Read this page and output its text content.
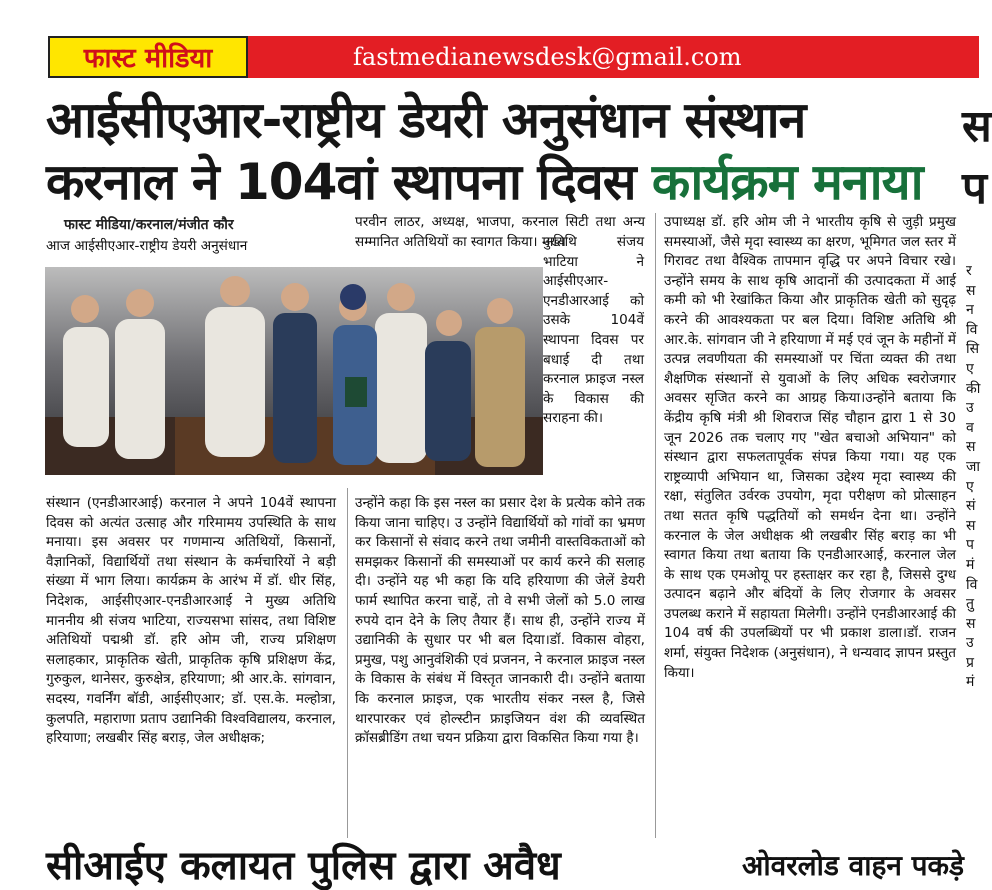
फास्ट मीडिया	fastmedianewsdesk@gmail.com
आईसीएआर-राष्ट्रीय डेयरी अनुसंधान संस्थान
करनाल ने 104वां स्थापना दिवस कार्यक्रम मनाया
स
प
फास्ट मीडिया/करनाल/मंजीत कौर
आज आईसीएआर-राष्ट्रीय डेयरी अनुसंधान
परवीन लाठर, अध्यक्ष, भाजपा, करनाल सिटी तथा अन्य सम्मानित अतिथियों का स्वागत किया। मुख्य
अतिथि संजय भाटिया ने आईसीएआर-एनडीआरआई को उसके 104वें स्थापना दिवस पर बधाई दी तथा करनाल फ्राइज नस्ल के विकास की सराहना की।
संस्थान (एनडीआरआई) करनाल ने अपने 104वें स्थापना दिवस को अत्यंत उत्साह और गरिमामय उपस्थिति के साथ मनाया। इस अवसर पर गणमान्य अतिथियों, किसानों, वैज्ञानिकों, विद्यार्थियों तथा संस्थान के कर्मचारियों ने बड़ी संख्या में भाग लिया। कार्यक्रम के आरंभ में डॉ. धीर सिंह, निदेशक, आईसीएआर-एनडीआरआई ने मुख्य अतिथि माननीय श्री संजय भाटिया, राज्यसभा सांसद, तथा विशिष्ट अतिथियों पद्मश्री डॉ. हरि ओम जी, राज्य प्रशिक्षण सलाहकार, प्राकृतिक खेती, प्राकृतिक कृषि प्रशिक्षण केंद्र, गुरुकुल, थानेसर, कुरुक्षेत्र, हरियाणा; श्री आर.के. सांगवान, सदस्य, गवर्निंग बॉडी, आईसीएआर; डॉ. एस.के. मल्होत्रा, कुलपति, महाराणा प्रताप उद्यानिकी विश्वविद्यालय, करनाल, हरियाणा; लखबीर सिंह बराड़, जेल अधीक्षक;
उन्होंने कहा कि इस नस्ल का प्रसार देश के प्रत्येक कोने तक किया जाना चाहिए। उ उन्होंने विद्यार्थियों को गांवों का भ्रमण कर किसानों से संवाद करने तथा जमीनी वास्तविकताओं को समझकर किसानों की समस्याओं पर कार्य करने की सलाह दी। उन्होंने यह भी कहा कि यदि हरियाणा की जेलें डेयरी फार्म स्थापित करना चाहें, तो वे सभी जेलों को 5.0 लाख रुपये दान देने के लिए तैयार हैं। साथ ही, उन्होंने राज्य में उद्यानिकी के सुधार पर भी बल दिया।डॉ. विकास वोहरा, प्रमुख, पशु आनुवंशिकी एवं प्रजनन, ने करनाल फ्राइज नस्ल के विकास के संबंध में विस्तृत जानकारी दी। उन्होंने बताया कि करनाल फ्राइज, एक भारतीय संकर नस्ल है, जिसे थारपारकर एवं होल्स्टीन फ्राइजियन वंश की व्यवस्थित क्रॉसब्रीडिंग तथा चयन प्रक्रिया द्वारा विकसित किया गया है।
उपाध्यक्ष डॉ. हरि ओम जी ने भारतीय कृषि से जुड़ी प्रमुख समस्याओं, जैसे मृदा स्वास्थ्य का क्षरण, भूमिगत जल स्तर में गिरावट तथा वैश्विक तापमान वृद्धि पर अपने विचार रखे। उन्होंने समय के साथ कृषि आदानों की उत्पादकता में आई कमी को भी रेखांकित किया और प्राकृतिक खेती को सुदृढ़ करने की आवश्यकता पर बल दिया। विशिष्ट अतिथि श्री आर.के. सांगवान जी ने हरियाणा में मई एवं जून के महीनों में उत्पन्न लवणीयता की समस्याओं पर चिंता व्यक्त की तथा शैक्षणिक संस्थानों से युवाओं के लिए अधिक स्वरोजगार अवसर सृजित करने का आग्रह किया।उन्होंने बताया कि केंद्रीय कृषि मंत्री श्री शिवराज सिंह चौहान द्वारा 1 से 30 जून 2026 तक चलाए गए "खेत बचाओ अभियान" को संस्थान द्वारा सफलतापूर्वक संपन्न किया गया। यह एक राष्ट्रव्यापी अभियान था, जिसका उद्देश्य मृदा स्वास्थ्य की रक्षा, संतुलित उर्वरक उपयोग, मृदा परीक्षण को प्रोत्साहन तथा सतत कृषि पद्धतियों को समर्थन देना था। उन्होंने करनाल के जेल अधीक्षक श्री लखबीर सिंह बराड़ का भी स्वागत किया तथा बताया कि एनडीआरआई, करनाल जेल के साथ एक एमओयू पर हस्ताक्षर कर रहा है, जिससे दुग्ध उत्पादन बढ़ाने और बंदियों के लिए रोजगार के अवसर उपलब्ध कराने में सहायता मिलेगी। उन्होंने एनडीआरआई की 104 वर्ष की उपलब्धियों पर भी प्रकाश डाला।डॉ. राजन शर्मा, संयुक्त निदेशक (अनुसंधान), ने धन्यवाद ज्ञापन प्रस्तुत किया।
र
स
न
वि
सि
ए
की
उ
व
स
जा
ए
सं
स
प
मं
वि
तु
स
उ
प्र
मं
सीआईए कलायत पुलिस द्वारा अवैध	ओवरलोड वाहन पकड़े
